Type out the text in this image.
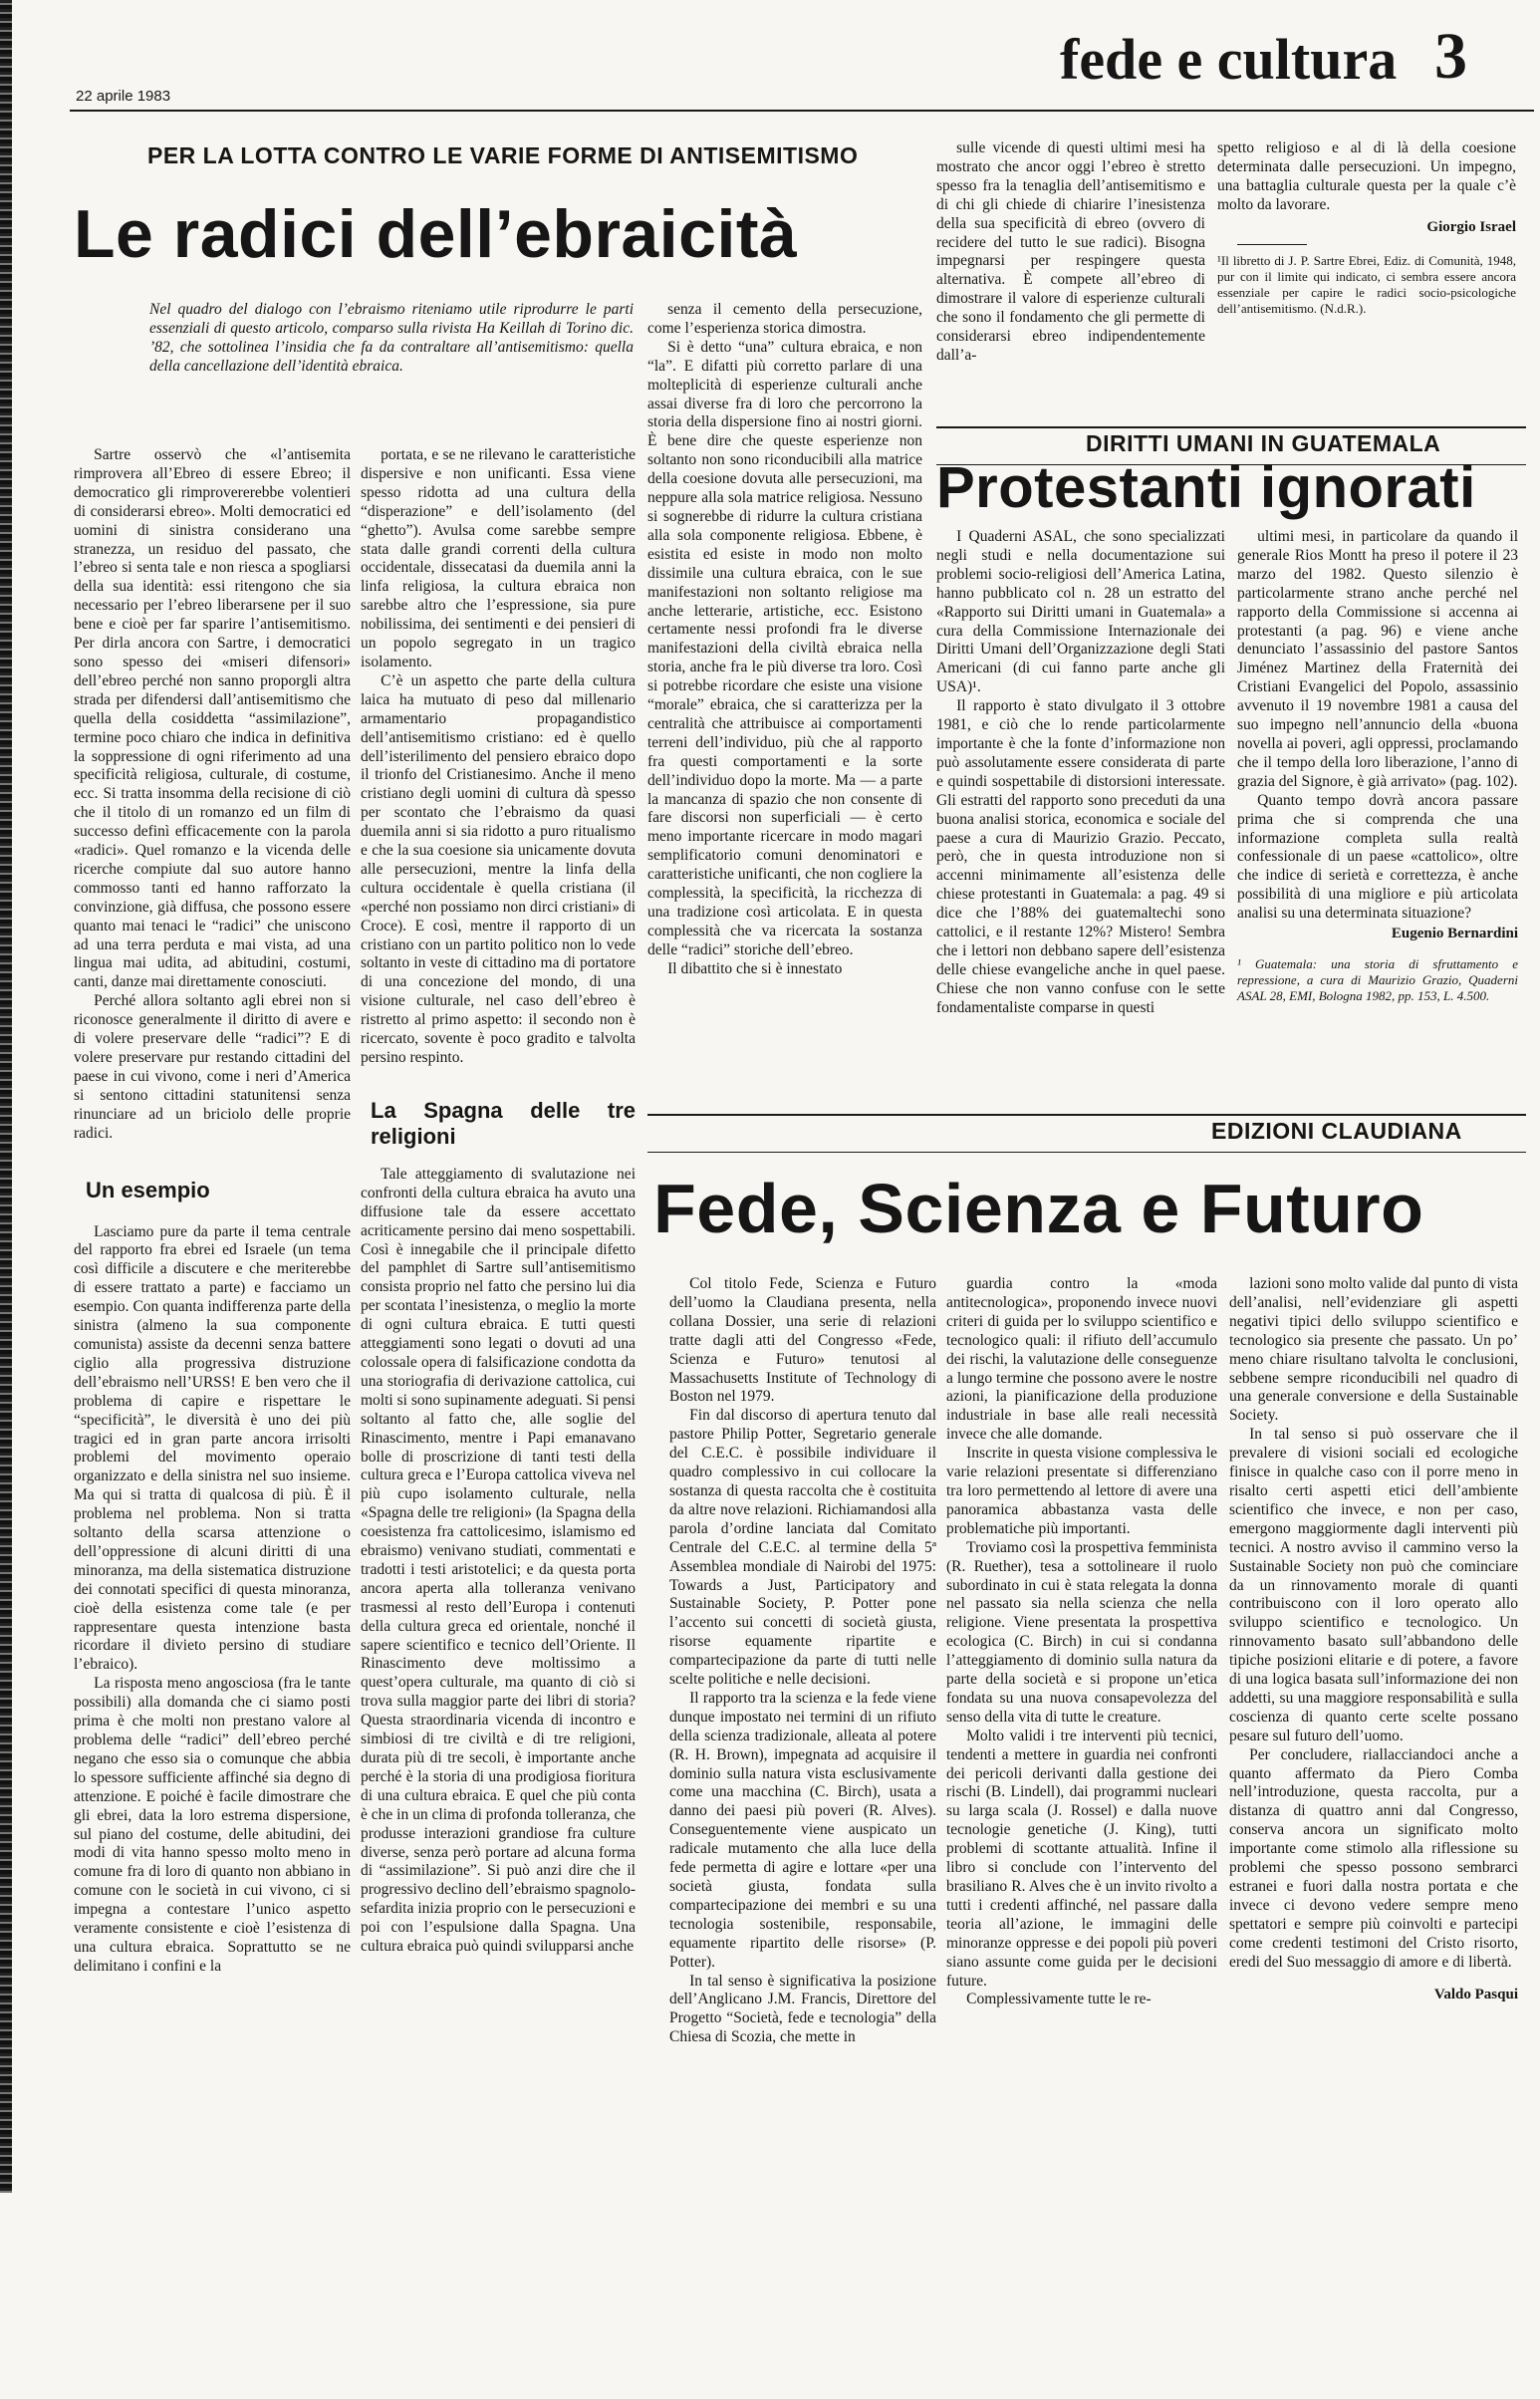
22 aprile 1983
fede e cultura 3
PER LA LOTTA CONTRO LE VARIE FORME DI ANTISEMITISMO
Le radici dell’ebraicità
Nel quadro del dialogo con l’ebraismo riteniamo utile riprodurre le parti essenziali di questo articolo, comparso sulla rivista Ha Keillah di Torino dic. ’82, che sottolinea l’insidia che fa da contraltare all’antisemitismo: quella della cancellazione dell’identità ebraica.

Sartre osservò che «l’antisemita rimprovera all’Ebreo di essere Ebreo; il democratico gli rimprovererebbe volentieri di considerarsi ebreo». Molti democratici ed uomini di sinistra considerano una stranezza, un residuo del passato, che l’ebreo si senta tale e non riesca a spogliarsi della sua identità: essi ritengono che sia necessario per l’ebreo liberarsene per il suo bene e cioè per far sparire l’antisemitismo. Per dirla ancora con Sartre, i democratici sono spesso dei «miseri difensori» dell’ebreo perché non sanno proporgli altra strada per difendersi dall’antisemitismo che quella della cosiddetta “assimilazione”, termine poco chiaro che indica in definitiva la soppressione di ogni riferimento ad una specificità religiosa, culturale, di costume, ecc. Si tratta insomma della recisione di ciò che il titolo di un romanzo ed un film di successo definì efficacemente con la parola «radici». Quel romanzo e la vicenda delle ricerche compiute dal suo autore hanno commosso tanti ed hanno rafforzato la convinzione, già diffusa, che possono essere quanto mai tenaci le “radici” che uniscono ad una terra perduta e mai vista, ad una lingua mai udita, ad abitudini, costumi, canti, danze mai direttamente conosciuti.

Perché allora soltanto agli ebrei non si riconosce generalmente il diritto di avere e di volere preservare delle “radici”? E di volere preservare pur restando cittadini del paese in cui vivono, come i neri d’America si sentono cittadini statunitensi senza rinunciare ad un briciolo delle proprie radici.

Un esempio

Lasciamo pure da parte il tema centrale del rapporto fra ebrei ed Israele (un tema così difficile a discutere e che meriterebbe di essere trattato a parte) e facciamo un esempio. Con quanta indifferenza parte della sinistra (almeno la sua componente comunista) assiste da decenni senza battere ciglio alla progressiva distruzione dell’ebraismo nell’URSS! E ben vero che il problema di capire e rispettare le “specificità”, le diversità è uno dei più tragici ed in gran parte ancora irrisolti problemi del movimento operaio organizzato e della sinistra nel suo insieme. Ma qui si tratta di qualcosa di più. È il problema nel problema. Non si tratta soltanto della scarsa attenzione o dell’oppressione di alcuni diritti di una minoranza, ma della sistematica distruzione dei connotati specifici di questa minoranza, cioè della esistenza come tale (e per rappresentare questa intenzione basta ricordare il divieto persino di studiare l’ebraico).

La risposta meno angosciosa (fra le tante possibili) alla domanda che ci siamo posti prima è che molti non prestano valore al problema delle “radici” dell’ebreo perché negano che esso sia o comunque che abbia lo spessore sufficiente affinché sia degno di attenzione. E poiché è facile dimostrare che gli ebrei, data la loro estrema dispersione, sul piano del costume, delle abitudini, dei modi di vita hanno spesso molto meno in comune fra di loro di quanto non abbiano in comune con le società in cui vivono, ci si impegna a contestare l’unico aspetto veramente consistente e cioè l’esistenza di una cultura ebraica. Soprattutto se ne delimitano i confini e la

portata, e se ne rilevano le caratteristiche dispersive e non unificanti. Essa viene spesso ridotta ad una cultura della “disperazione” e dell’isolamento (del “ghetto”). Avulsa come sarebbe sempre stata dalle grandi correnti della cultura occidentale, dissecatasi da duemila anni la linfa religiosa, la cultura ebraica non sarebbe altro che l’espressione, sia pure nobilissima, dei sentimenti e dei pensieri di un popolo segregato in un tragico isolamento.

C’è un aspetto che parte della cultura laica ha mutuato di peso dal millenario armamentario propagandistico dell’antisemitismo cristiano: ed è quello dell’isterilimento del pensiero ebraico dopo il trionfo del Cristianesimo. Anche il meno cristiano degli uomini di cultura dà spesso per scontato che l’ebraismo da quasi duemila anni si sia ridotto a puro ritualismo e che la sua coesione sia unicamente dovuta alle persecuzioni, mentre la linfa della cultura occidentale è quella cristiana (il «perché non possiamo non dirci cristiani» di Croce). E così, mentre il rapporto di un cristiano con un partito politico non lo vede soltanto in veste di cittadino ma di portatore di una concezione del mondo, di una visione culturale, nel caso dell’ebreo è ristretto al primo aspetto: il secondo non è ricercato, sovente è poco gradito e talvolta persino respinto.

La Spagna delle tre religioni

Tale atteggiamento di svalutazione nei confronti della cultura ebraica ha avuto una diffusione tale da essere accettato acriticamente persino dai meno sospettabili. Così è innegabile che il principale difetto del pamphlet di Sartre sull’antisemitismo consista proprio nel fatto che persino lui dia per scontata l’inesistenza, o meglio la morte di ogni cultura ebraica. E tutti questi atteggiamenti sono legati o dovuti ad una colossale opera di falsificazione condotta da una storiografia di derivazione cattolica, cui molti si sono supinamente adeguati. Si pensi soltanto al fatto che, alle soglie del Rinascimento, mentre i Papi emanavano bolle di proscrizione di tanti testi della cultura greca e l’Europa cattolica viveva nel più cupo isolamento culturale, nella «Spagna delle tre religioni» (la Spagna della coesistenza fra cattolicesimo, islamismo ed ebraismo) venivano studiati, commentati e tradotti i testi aristotelici; e da questa porta ancora aperta alla tolleranza venivano trasmessi al resto dell’Europa i contenuti della cultura greca ed orientale, nonché il sapere scientifico e tecnico dell’Oriente. Il Rinascimento deve moltissimo a quest’opera culturale, ma quanto di ciò si trova sulla maggior parte dei libri di storia? Questa straordinaria vicenda di incontro e simbiosi di tre civiltà e di tre religioni, durata più di tre secoli, è importante anche perché è la storia di una prodigiosa fioritura di una cultura ebraica. E quel che più conta è che in un clima di profonda tolleranza, che produsse interazioni grandiose fra culture diverse, senza però portare ad alcuna forma di “assimilazione”. Si può anzi dire che il progressivo declino dell’ebraismo spagnolo-sefardita inizia proprio con le persecuzioni e poi con l’espulsione dalla Spagna. Una cultura ebraica può quindi svilupparsi anche

senza il cemento della persecuzione, come l’esperienza storica dimostra.

Si è detto “una” cultura ebraica, e non “la”. E difatti più corretto parlare di una molteplicità di esperienze culturali anche assai diverse fra di loro che percorrono la storia della dispersione fino ai nostri giorni. È bene dire che queste esperienze non soltanto non sono riconducibili alla matrice della coesione dovuta alle persecuzioni, ma neppure alla sola matrice religiosa. Nessuno si sognerebbe di ridurre la cultura cristiana alla sola componente religiosa. Ebbene, è esistita ed esiste in modo non molto dissimile una cultura ebraica, con le sue manifestazioni non soltanto religiose ma anche letterarie, artistiche, ecc. Esistono certamente nessi profondi fra le diverse manifestazioni della civiltà ebraica nella storia, anche fra le più diverse tra loro. Così si potrebbe ricordare che esiste una visione “morale” ebraica, che si caratterizza per la centralità che attribuisce ai comportamenti terreni dell’individuo, più che al rapporto fra questi comportamenti e la sorte dell’individuo dopo la morte. Ma — a parte la mancanza di spazio che non consente di fare discorsi non superficiali — è certo meno importante ricercare in modo magari semplificatorio comuni denominatori e caratteristiche unificanti, che non cogliere la complessità, la specificità, la ricchezza di una tradizione così articolata. E in questa complessità che va ricercata la sostanza delle “radici” storiche dell’ebreo.

Il dibattito che si è innestato

sulle vicende di questi ultimi mesi ha mostrato che ancor oggi l’ebreo è stretto spesso fra la tenaglia dell’antisemitismo e di chi gli chiede di chiarire l’inesistenza della sua specificità di ebreo (ovvero di recidere del tutto le sue radici). Bisogna impegnarsi per respingere questa alternativa. È compete all’ebreo di dimostrare il valore di esperienze culturali che sono il fondamento che gli permette di considerarsi ebreo indipendentemente dall’a-

spetto religioso e al di là della coesione determinata dalle persecuzioni. Un impegno, una battaglia culturale questa per la quale c’è molto da lavorare.
Giorgio Israel
¹Il libretto di J. P. Sartre Ebrei, Ediz. di Comunità, 1948, pur con il limite qui indicato, ci sembra essere ancora essenziale per capire le radici socio-psicologiche dell’antisemitismo. (N.d.R.).
DIRITTI UMANI IN GUATEMALA
Protestanti ignorati

I Quaderni ASAL, che sono specializzati negli studi e nella documentazione sui problemi socio-religiosi dell’America Latina, hanno pubblicato col n. 28 un estratto del «Rapporto sui Diritti umani in Guatemala» a cura della Commissione Internazionale dei Diritti Umani dell’Organizzazione degli Stati Americani (di cui fanno parte anche gli USA)¹.

Il rapporto è stato divulgato il 3 ottobre 1981, e ciò che lo rende particolarmente importante è che la fonte d’informazione non può assolutamente essere considerata di parte e quindi sospettabile di distorsioni interessate. Gli estratti del rapporto sono preceduti da una buona analisi storica, economica e sociale del paese a cura di Maurizio Grazio. Peccato, però, che in questa introduzione non si accenni minimamente all’esistenza delle chiese protestanti in Guatemala: a pag. 49 si dice che l’88% dei guatemaltechi sono cattolici, e il restante 12%? Mistero! Sembra che i lettori non debbano sapere dell’esistenza delle chiese evangeliche anche in quel paese. Chiese che non vanno confuse con le sette fondamentaliste comparse in questi

ultimi mesi, in particolare da quando il generale Rios Montt ha preso il potere il 23 marzo del 1982. Questo silenzio è particolarmente strano anche perché nel rapporto della Commissione si accenna ai protestanti (a pag. 96) e viene anche denunciato l’assassinio del pastore Santos Jiménez Martinez della Fraternità dei Cristiani Evangelici del Popolo, assassinio avvenuto il 19 novembre 1981 a causa del suo impegno nell’annuncio della «buona novella ai poveri, agli oppressi, proclamando che il tempo della loro liberazione, l’anno di grazia del Signore, è già arrivato» (pag. 102).

Quanto tempo dovrà ancora passare prima che si comprenda che una informazione completa sulla realtà confessionale di un paese «cattolico», oltre che indice di serietà e correttezza, è anche possibilità di una migliore e più articolata analisi su una determinata situazione?

Eugenio Bernardini
¹ Guatemala: una storia di sfruttamento e repressione, a cura di Maurizio Grazio, Quaderni ASAL 28, EMI, Bologna 1982, pp. 153, L. 4.500.
EDIZIONI CLAUDIANA
Fede, Scienza e Futuro

Col titolo Fede, Scienza e Futuro dell’uomo la Claudiana presenta, nella collana Dossier, una serie di relazioni tratte dagli atti del Congresso «Fede, Scienza e Futuro» tenutosi al Massachusetts Institute of Technology di Boston nel 1979.

Fin dal discorso di apertura tenuto dal pastore Philip Potter, Segretario generale del C.E.C. è possibile individuare il quadro complessivo in cui collocare la sostanza di questa raccolta che è costituita da altre nove relazioni. Richiamandosi alla parola d’ordine lanciata dal Comitato Centrale del C.E.C. al termine della 5ª Assemblea mondiale di Nairobi del 1975: Towards a Just, Participatory and Sustainable Society, P. Potter pone l’accento sui concetti di società giusta, risorse equamente ripartite e compartecipazione da parte di tutti nelle scelte politiche e nelle decisioni.

Il rapporto tra la scienza e la fede viene dunque impostato nei termini di un rifiuto della scienza tradizionale, alleata al potere (R. H. Brown), impegnata ad acquisire il dominio sulla natura vista esclusivamente come una macchina (C. Birch), usata a danno dei paesi più poveri (R. Alves). Conseguentemente viene auspicato un radicale mutamento che alla luce della fede permetta di agire e lottare «per una società giusta, fondata sulla compartecipazione dei membri e su una tecnologia sostenibile, responsabile, equamente ripartito delle risorse» (P. Potter).

In tal senso è significativa la posizione dell’Anglicano J.M. Francis, Direttore del Progetto “Società, fede e tecnologia” della Chiesa di Scozia, che mette in

guardia contro la «moda antitecnologica», proponendo invece nuovi criteri di guida per lo sviluppo scientifico e tecnologico quali: il rifiuto dell’accumulo dei rischi, la valutazione delle conseguenze a lungo termine che possono avere le nostre azioni, la pianificazione della produzione industriale in base alle reali necessità invece che alle domande.

Inscrite in questa visione complessiva le varie relazioni presentate si differenziano tra loro permettendo al lettore di avere una panoramica abbastanza vasta delle problematiche più importanti.

Troviamo così la prospettiva femminista (R. Ruether), tesa a sottolineare il ruolo subordinato in cui è stata relegata la donna nel passato sia nella scienza che nella religione. Viene presentata la prospettiva ecologica (C. Birch) in cui si condanna l’atteggiamento di dominio sulla natura da parte della società e si propone un’etica fondata su una nuova consapevolezza del senso della vita di tutte le creature.

Molto validi i tre interventi più tecnici, tendenti a mettere in guardia nei confronti dei pericoli derivanti dalla gestione dei rischi (B. Lindell), dai programmi nucleari su larga scala (J. Rossel) e dalla nuove tecnologie genetiche (J. King), tutti problemi di scottante attualità. Infine il libro si conclude con l’intervento del brasiliano R. Alves che è un invito rivolto a tutti i credenti affinché, nel passare dalla teoria all’azione, le immagini delle minoranze oppresse e dei popoli più poveri siano assunte come guida per le decisioni future.

Complessivamente tutte le re-

lazioni sono molto valide dal punto di vista dell’analisi, nell’evidenziare gli aspetti negativi tipici dello sviluppo scientifico e tecnologico sia presente che passato. Un po’ meno chiare risultano talvolta le conclusioni, sebbene sempre riconducibili nel quadro di una generale conversione e della Sustainable Society.

In tal senso si può osservare che il prevalere di visioni sociali ed ecologiche finisce in qualche caso con il porre meno in risalto certi aspetti etici dell’ambiente scientifico che invece, e non per caso, emergono maggiormente dagli interventi più tecnici. A nostro avviso il cammino verso la Sustainable Society non può che cominciare da un rinnovamento morale di quanti contribuiscono con il loro operato allo sviluppo scientifico e tecnologico. Un rinnovamento basato sull’abbandono delle tipiche posizioni elitarie e di potere, a favore di una logica basata sull’informazione dei non addetti, su una maggiore responsabilità e sulla coscienza di quanto certe scelte possano pesare sul futuro dell’uomo.

Per concludere, riallacciandoci anche a quanto affermato da Piero Comba nell’introduzione, questa raccolta, pur a distanza di quattro anni dal Congresso, conserva ancora un significato molto importante come stimolo alla riflessione su problemi che spesso possono sembrarci estranei e fuori dalla nostra portata e che invece ci devono vedere sempre meno spettatori e sempre più coinvolti e partecipi come credenti testimoni del Cristo risorto, eredi del Suo messaggio di amore e di libertà.

Valdo Pasqui
